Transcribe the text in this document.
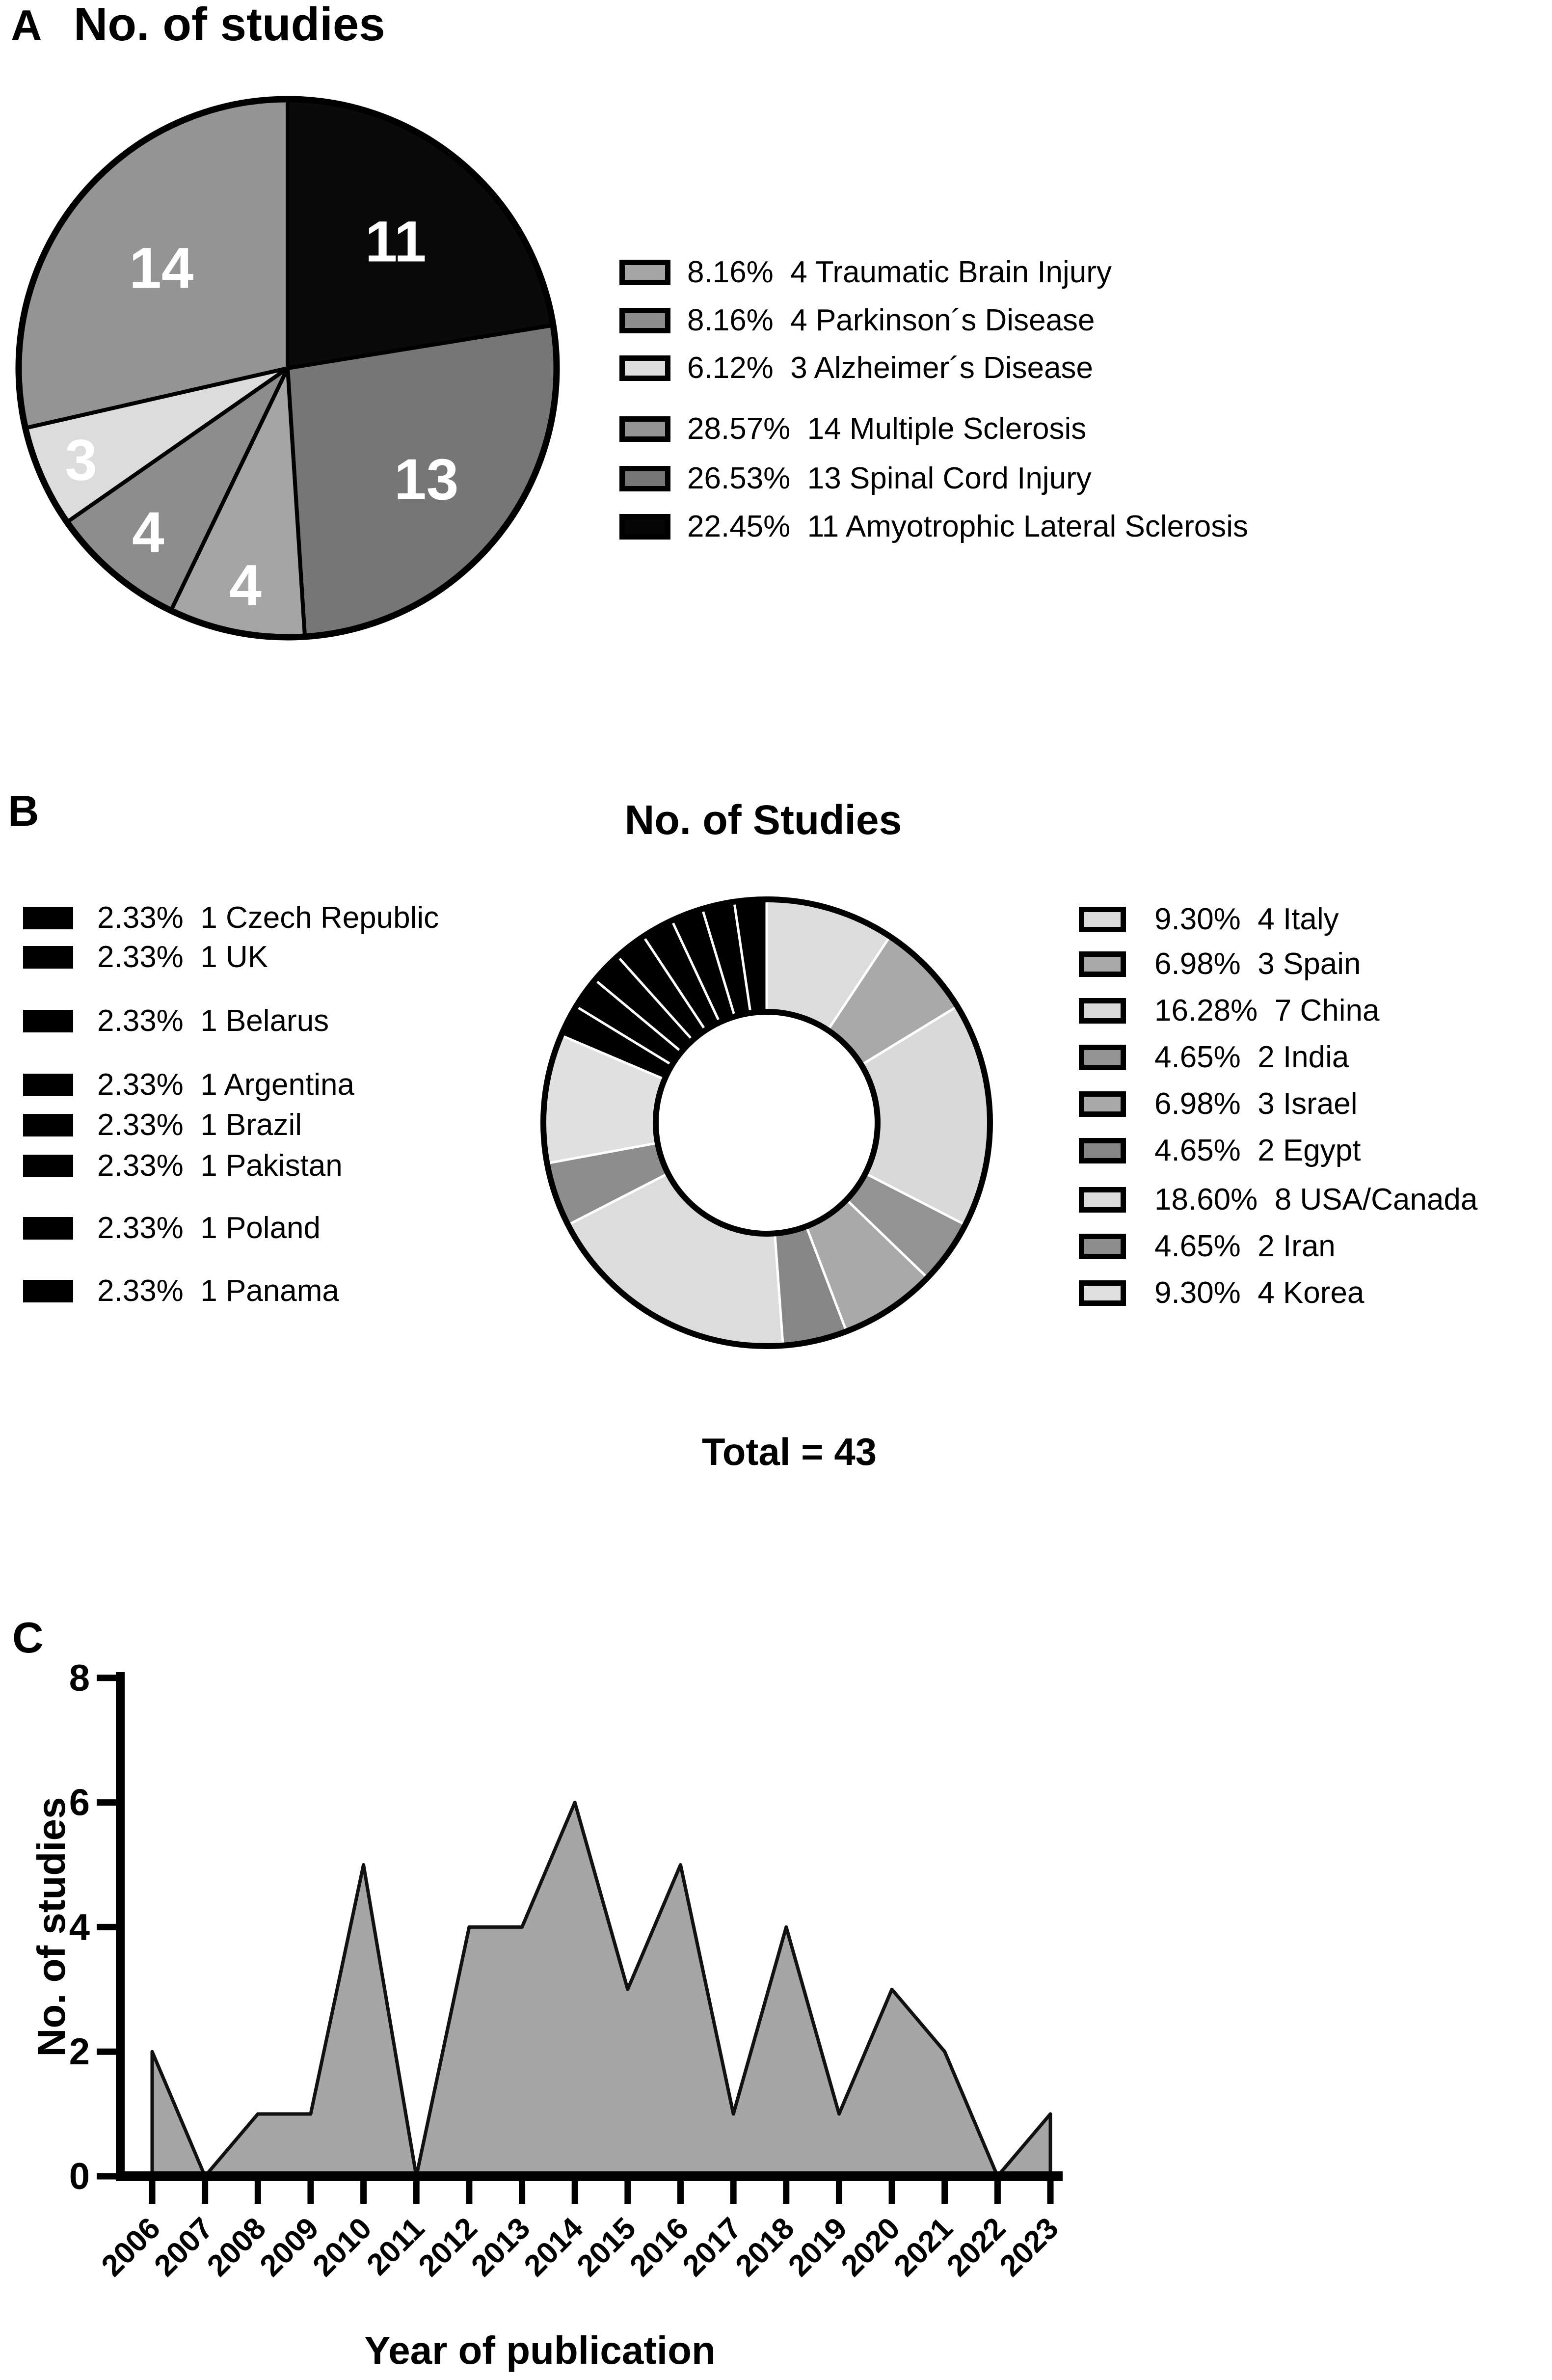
A No. of studies
11
13
4
4
3
14	8.16%  4 Traumatic Brain Injury
8.16%  4 Parkinson´s Disease
6.12%  3 Alzheimer´s Disease
28.57%  14 Multiple Sclerosis
26.53%  13 Spinal Cord Injury
22.45%  11 Amyotrophic Lateral Sclerosis
B	No. of Studies
2.33%  1 Czech Republic
2.33%  1 UK
2.33%  1 Belarus
2.33%  1 Argentina
2.33%  1 Brazil
2.33%  1 Pakistan
2.33%  1 Poland
2.33%  1 Panama
9.30%  4 Italy
6.98%  3 Spain
16.28%  7 China
4.65%  2 India
6.98%  3 Israel
4.65%  2 Egypt
18.60%  8 USA/Canada
4.65%  2 Iran
9.30%  4 Korea
Total = 43
C
0
2
4
6
8
2006
2007
2008
2009
2010
2011
2012
2013
2014
2015
2016
2017
2018
2019
2020
2021
2022
2023
No. of studies
Year of publication
